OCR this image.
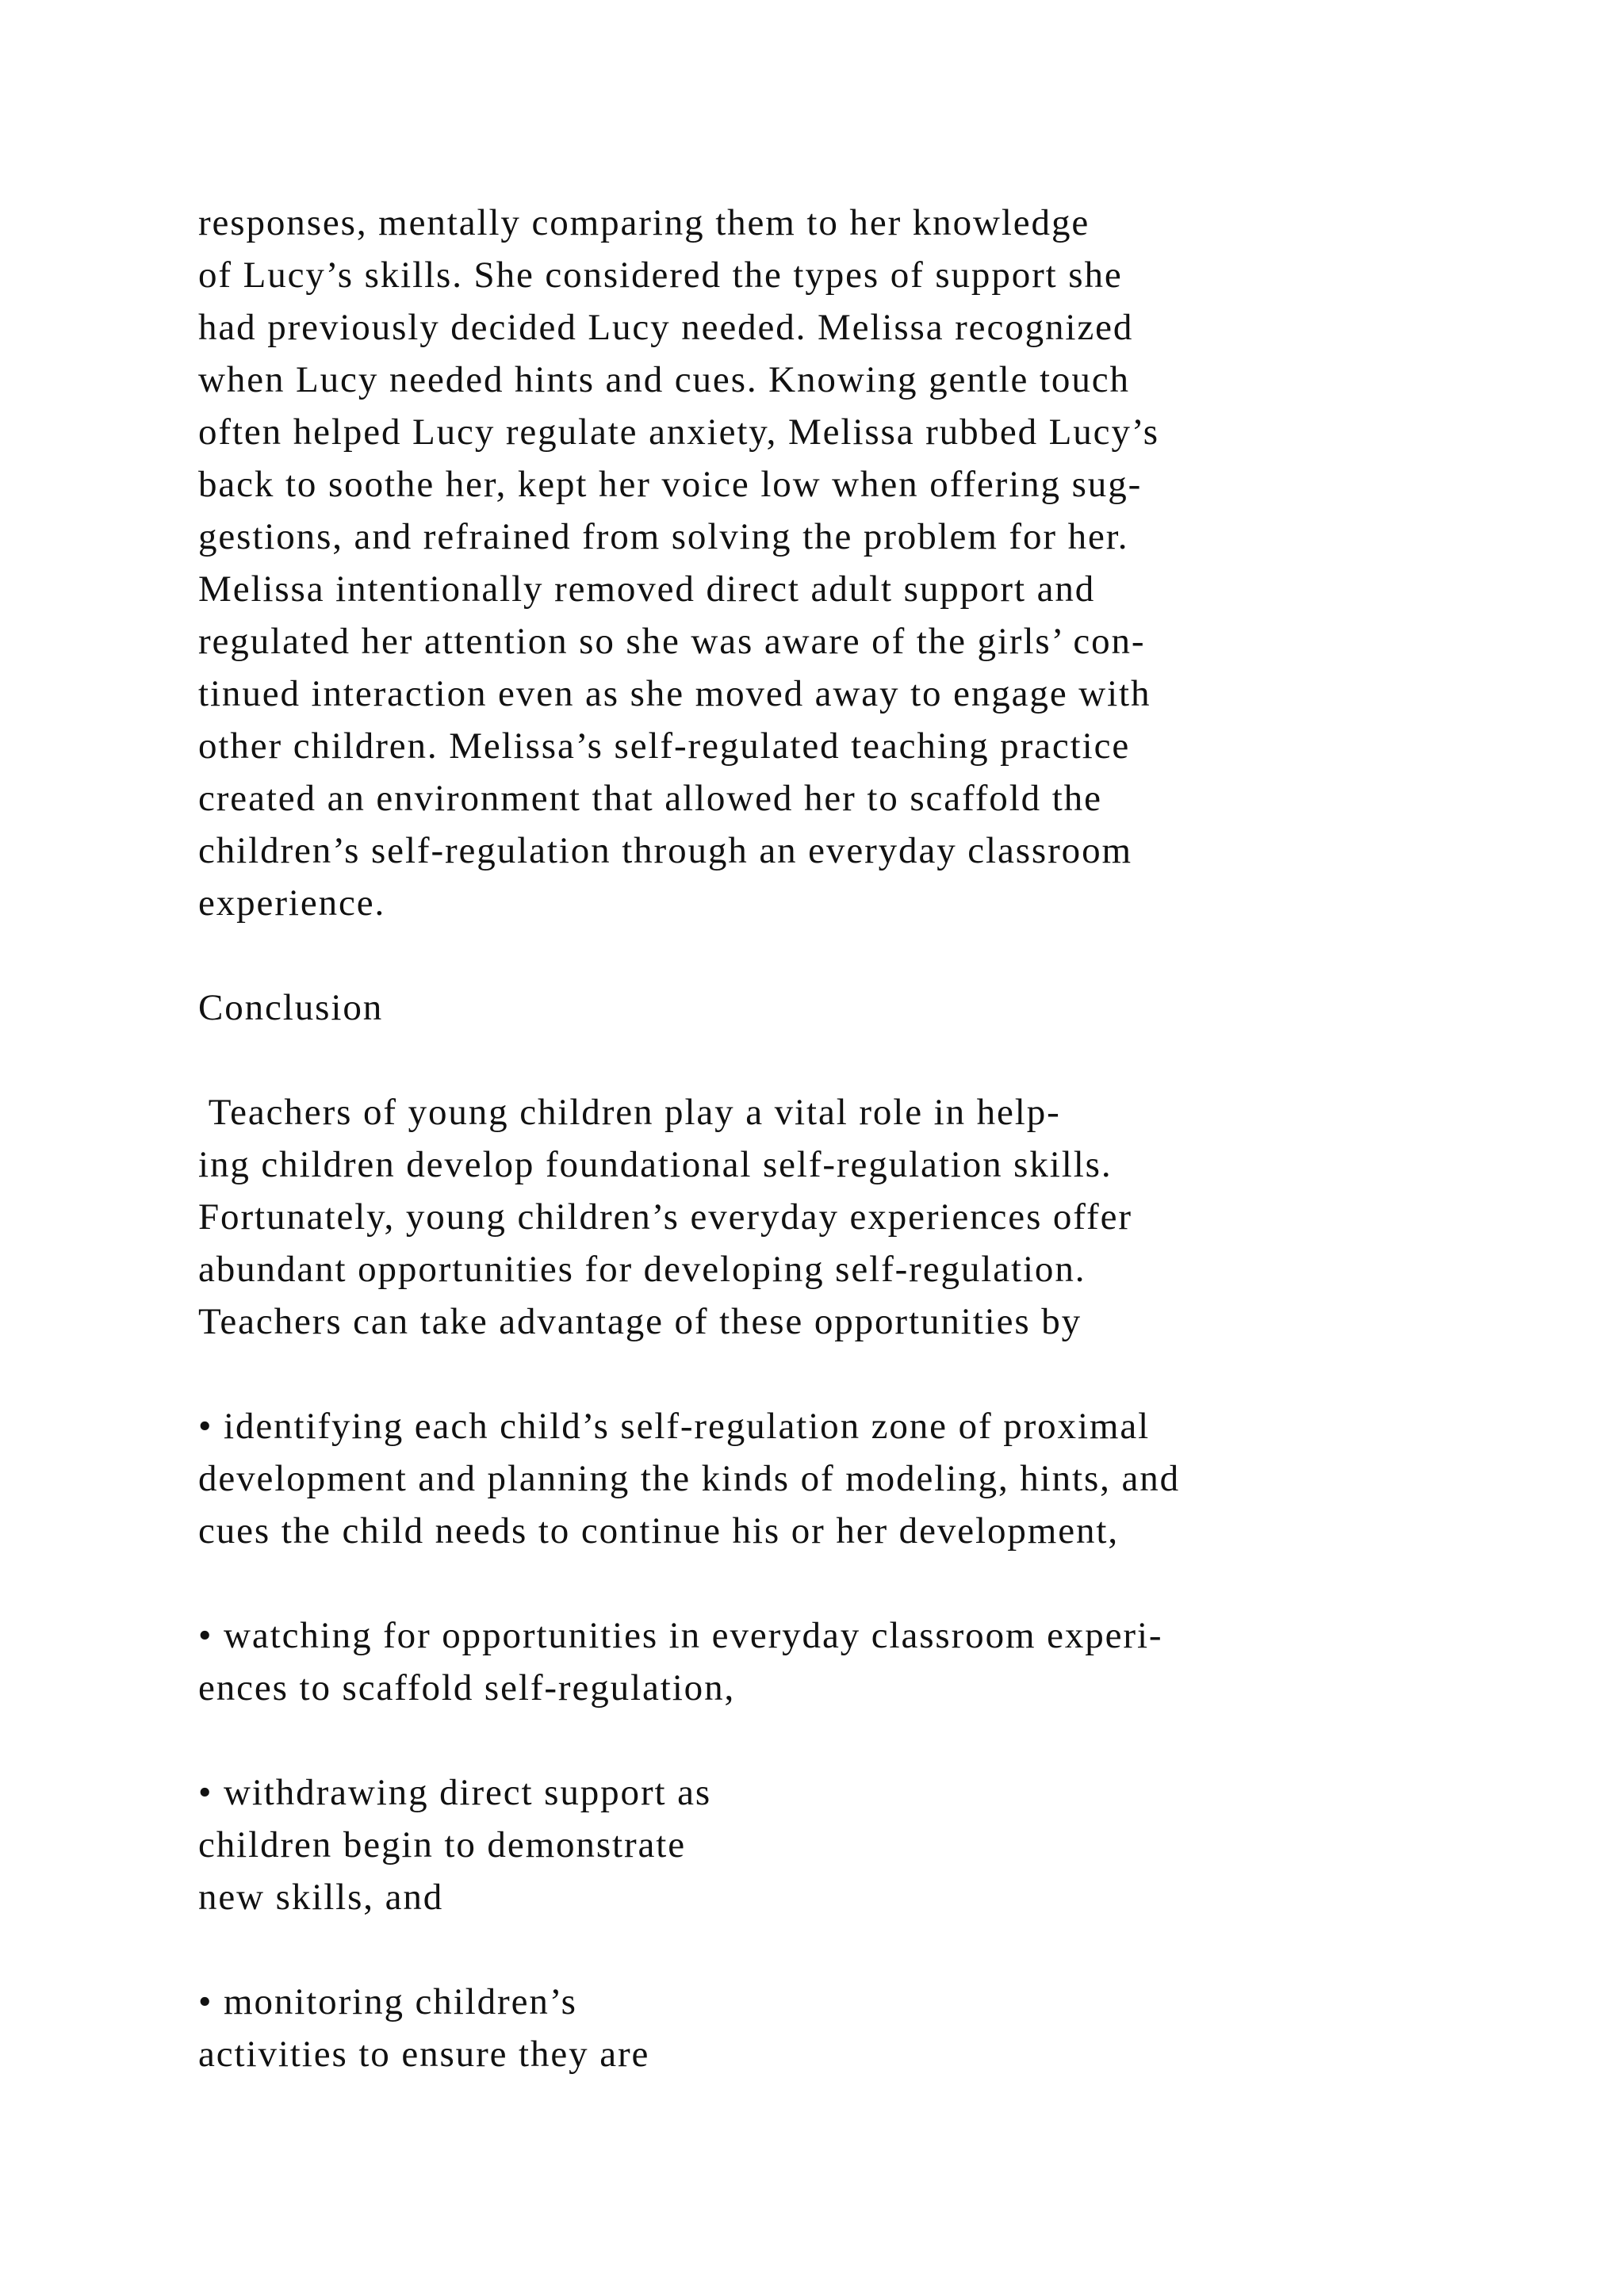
responses, mentally comparing them to her knowledge
of Lucy’s skills. She considered the types of support she
had previously decided Lucy needed. Melissa recognized
when Lucy needed hints and cues. Knowing gentle touch
often helped Lucy regulate anxiety, Melissa rubbed Lucy’s
back to soothe her, kept her voice low when offering sug-
gestions, and refrained from solving the problem for her.
Melissa intentionally removed direct adult support and
regulated her attention so she was aware of the girls’ con-
tinued interaction even as she moved away to engage with
other children. Melissa’s self-regulated teaching practice
created an environment that allowed her to scaffold the
children’s self-regulation through an everyday classroom
experience.
Conclusion
Teachers of young children play a vital role in help-
ing children develop foundational self-regulation skills.
Fortunately, young children’s everyday experiences offer
abundant opportunities for developing self-regulation.
Teachers can take advantage of these opportunities by
• identifying each child’s self-regulation zone of proximal
development and planning the kinds of modeling, hints, and
cues the child needs to continue his or her development,
• watching for opportunities in everyday classroom experi-
ences to scaffold self-regulation,
• withdrawing direct support as
children begin to demonstrate
new skills, and
• monitoring children’s
activities to ensure they are
